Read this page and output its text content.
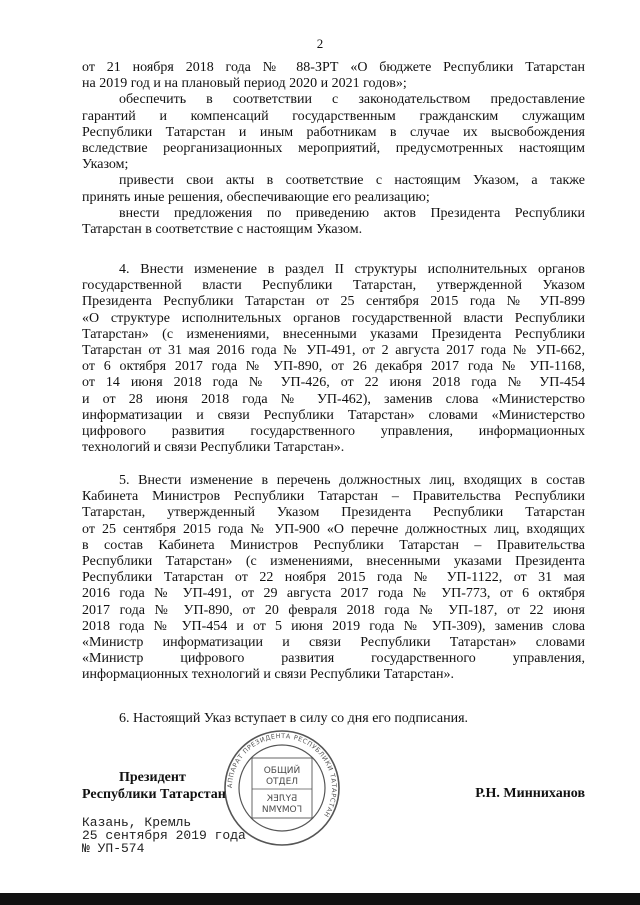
2

от 21 ноября 2018 года № 88-ЗРТ «О бюджете Республики Татарстан
на 2019 год и на плановый период 2020 и 2021 годов»;

обеспечить в соответствии с законодательством предоставление
гарантий и компенсаций государственным гражданским служащим
Республики Татарстан и иным работникам в случае их высвобождения
вследствие реорганизационных мероприятий, предусмотренных настоящим
Указом;

привести свои акты в соответствие с настоящим Указом, а также
принять иные решения, обеспечивающие его реализацию;

внести предложения по приведению актов Президента Республики
Татарстан в соответствие с настоящим Указом.

4. Внести изменение в раздел II структуры исполнительных органов
государственной власти Республики Татарстан, утвержденной Указом
Президента Республики Татарстан от 25 сентября 2015 года № УП-899
«О структуре исполнительных органов государственной власти Республики
Татарстан» (с изменениями, внесенными указами Президента Республики
Татарстан от 31 мая 2016 года № УП-491, от 2 августа 2017 года № УП-662,
от 6 октября 2017 года № УП-890, от 26 декабря 2017 года № УП-1168,
от 14 июня 2018 года № УП-426, от 22 июня 2018 года № УП-454
и от 28 июня 2018 года № УП-462), заменив слова «Министерство
информатизации и связи Республики Татарстан» словами «Министерство
цифрового развития государственного управления, информационных
технологий и связи Республики Татарстан».

5. Внести изменение в перечень должностных лиц, входящих в состав
Кабинета Министров Республики Татарстан – Правительства Республики
Татарстан, утвержденный Указом Президента Республики Татарстан
от 25 сентября 2015 года № УП-900 «О перечне должностных лиц, входящих
в состав Кабинета Министров Республики Татарстан – Правительства
Республики Татарстан» (с изменениями, внесенными указами Президента
Республики Татарстан от 22 ноября 2015 года № УП-1122, от 31 мая
2016 года № УП-491, от 29 августа 2017 года № УП-773, от 6 октября
2017 года № УП-890, от 20 февраля 2018 года № УП-187, от 22 июня
2018 года № УП-454 и от 5 июня 2019 года № УП-309), заменив слова
«Министр информатизации и связи Республики Татарстан» словами
«Министр цифрового развития государственного управления,
информационных технологий и связи Республики Татарстан».

6. Настоящий Указ вступает в силу со дня его подписания.

АППАРАТ ПРЕЗИДЕНТА РЕСПУБЛИКИ ТАТАРСТАН
ОБЩИЙ
ОТДЕЛ
БҮЛЕК
ГОМУМИ
Президент
Республики Татарстан	Р.Н. Минниханов
Казань, Кремль
25 сентября 2019 года
№ УП-574
